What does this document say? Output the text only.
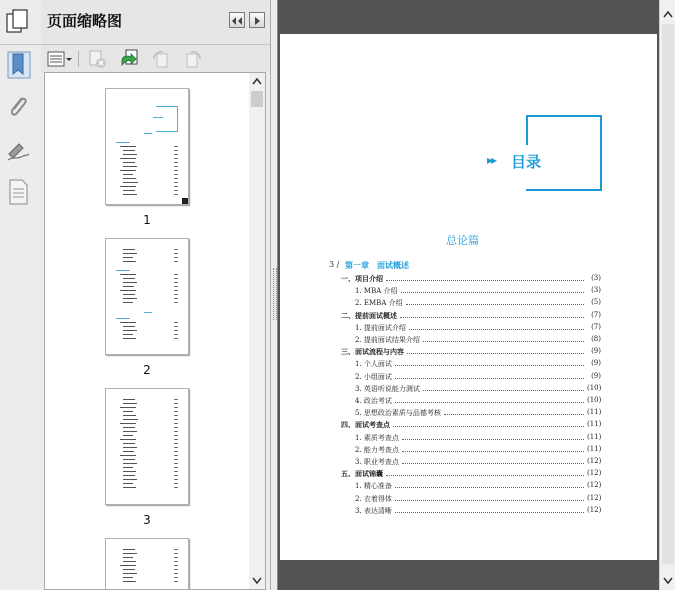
页面缩略图
1
2
3
▸▸ 目录
总论篇
3 / 第一章　面试概述
一、项目介绍	(3)
1. MBA 介绍	(3)
2. EMBA 介绍	(5)
二、提前面试概述	(7)
1. 提前面试介绍	(7)
2. 提前面试结果介绍	(8)
三、面试流程与内容	(9)
1. 个人面试	(9)
2. 小组面试	(9)
3. 英语听说能力测试	(10)
4. 政治考试	(10)
5. 思想政治素质与品德考核	(11)
四、面试考查点	(11)
1. 素质考查点	(11)
2. 能力考查点	(11)
3. 职业考查点	(12)
五、面试锦囊	(12)
1. 精心准备	(12)
2. 衣着得体	(12)
3. 表达清晰	(12)
